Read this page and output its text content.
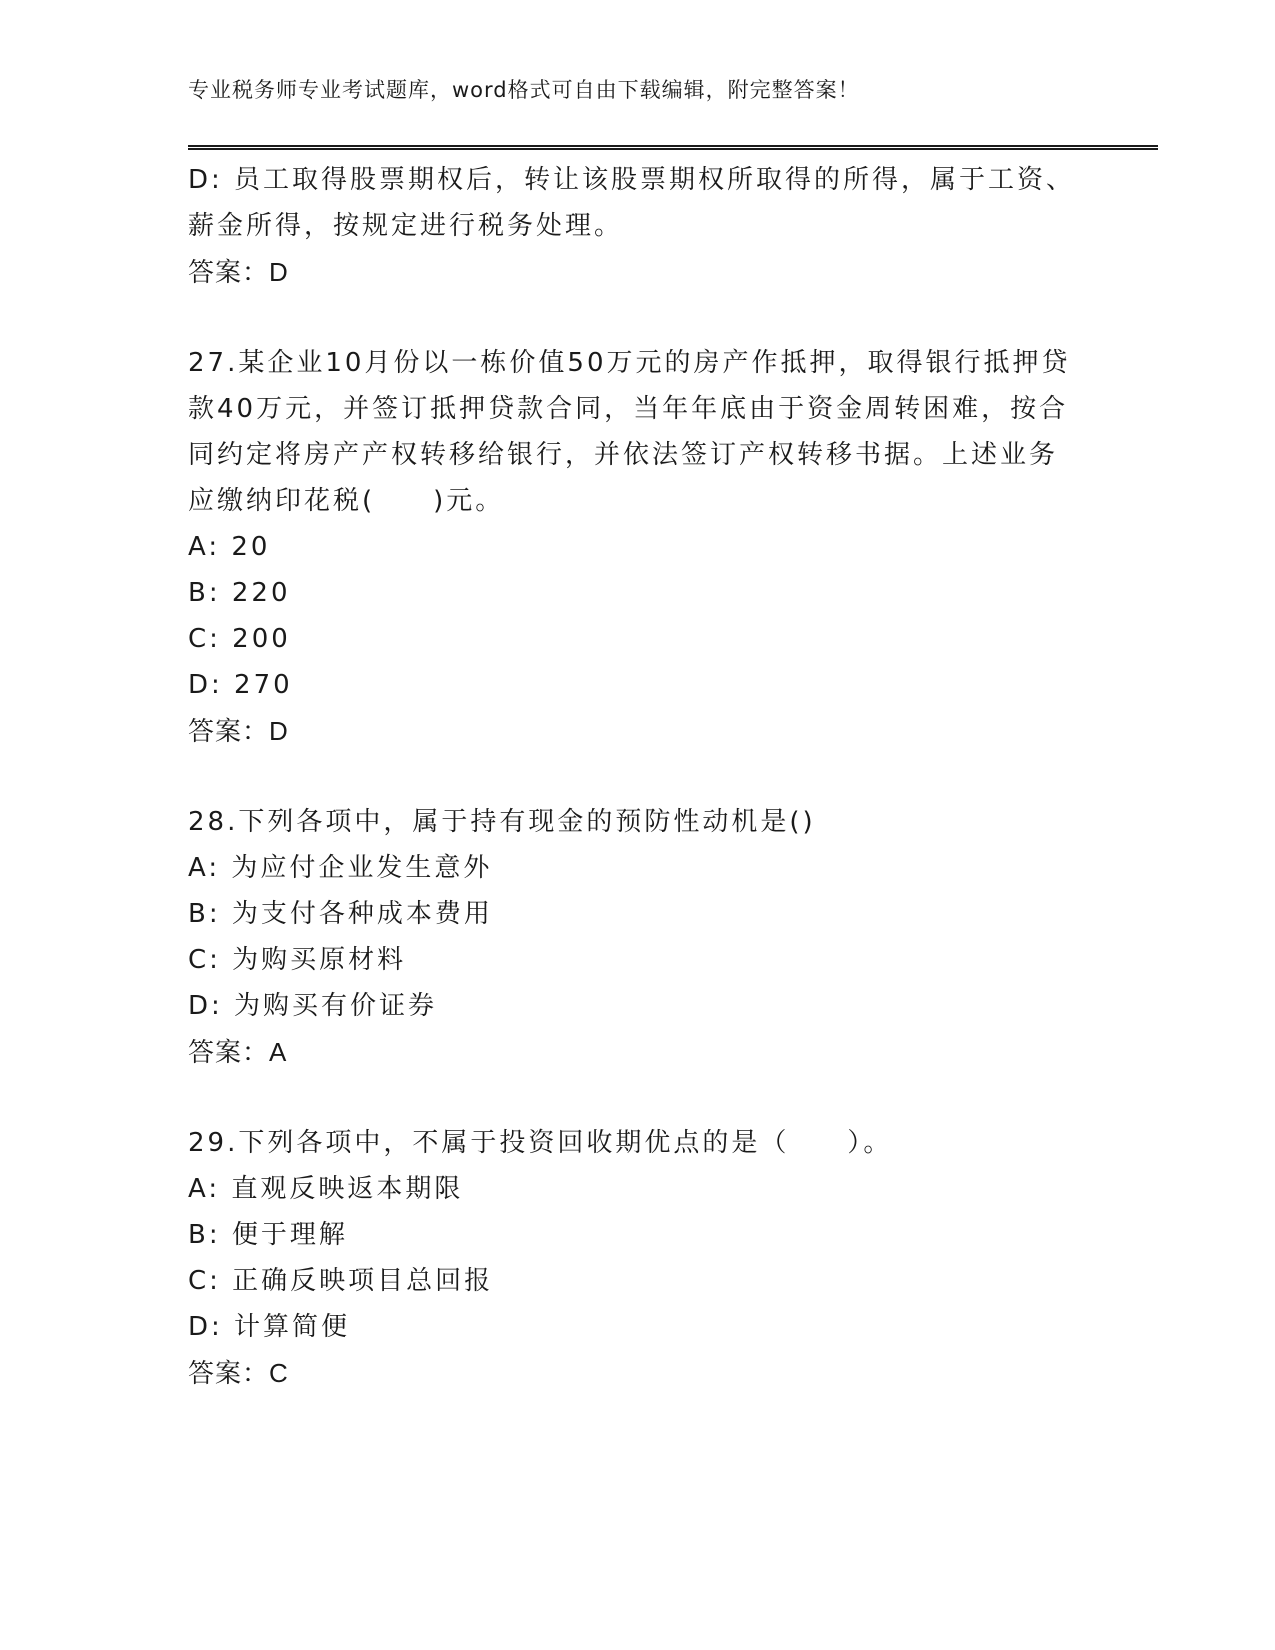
专业税务师专业考试题库，word格式可自由下载编辑，附完整答案！
D: 员工取得股票期权后，转让该股票期权所取得的所得，属于工资、
薪金所得，按规定进行税务处理。
答案：D
27.某企业10月份以一栋价值50万元的房产作抵押，取得银行抵押贷
款40万元，并签订抵押贷款合同，当年年底由于资金周转困难，按合
同约定将房产产权转移给银行，并依法签订产权转移书据。上述业务
应缴纳印花税(　　)元。
A: 20
B: 220
C: 200
D: 270
答案：D
28.下列各项中，属于持有现金的预防性动机是()
A: 为应付企业发生意外
B: 为支付各种成本费用
C: 为购买原材料
D: 为购买有价证券
答案：A
29.下列各项中，不属于投资回收期优点的是（　　）。
A: 直观反映返本期限
B: 便于理解
C: 正确反映项目总回报
D: 计算简便
答案：C
